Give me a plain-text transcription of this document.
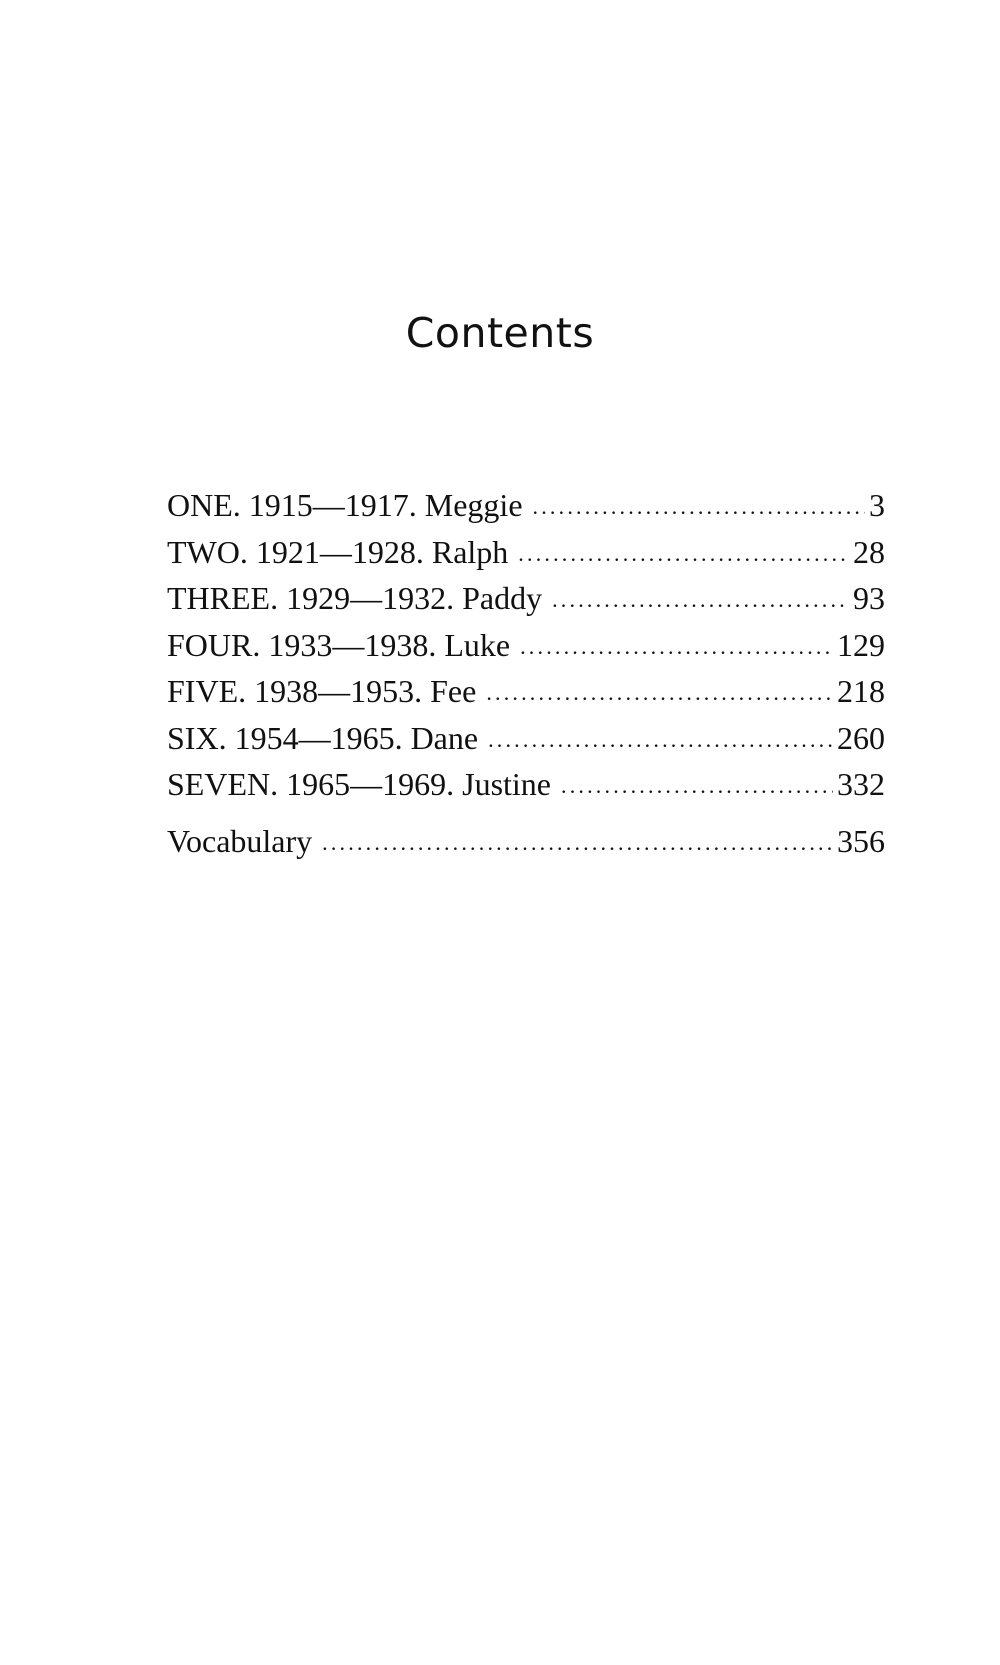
Contents
ONE. 1915—1917. Meggie .....	3
TWO. 1921—1928. Ralph .....	28
THREE. 1929—1932. Paddy .....	93
FOUR. 1933—1938. Luke .....	129
FIVE. 1938—1953. Fee .....	218
SIX. 1954—1965. Dane .....	260
SEVEN. 1965—1969. Justine .....	332
Vocabulary .....	356
